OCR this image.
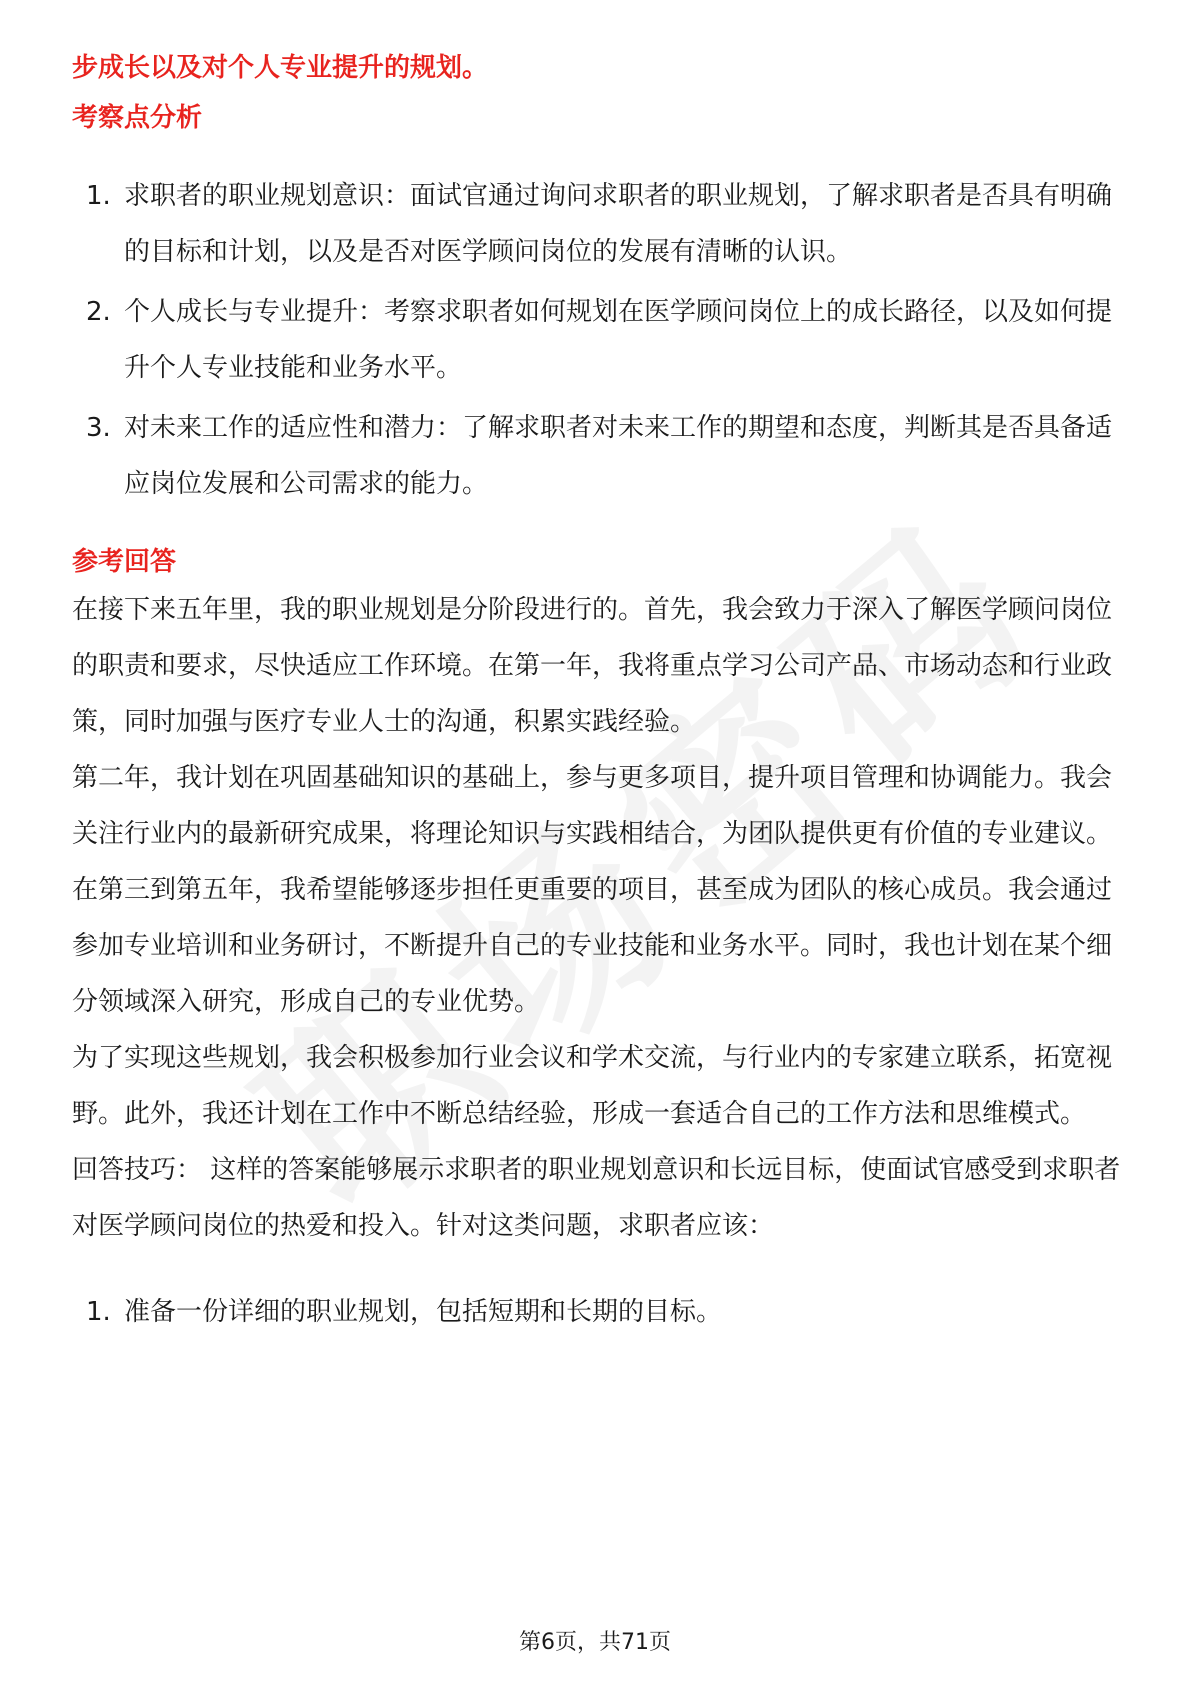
步成长以及对个人专业提升的规划。

考察点分析
1. 求职者的职业规划意识：面试官通过询问求职者的职业规划，了解求职者是否具有明确的目标和计划，以及是否对医学顾问岗位的发展有清晰的认识。
2. 个人成长与专业提升：考察求职者如何规划在医学顾问岗位上的成长路径，以及如何提升个人专业技能和业务水平。
3. 对未来工作的适应性和潜力：了解求职者对未来工作的期望和态度，判断其是否具备适应岗位发展和公司需求的能力。
参考回答

在接下来五年里，我的职业规划是分阶段进行的。首先，我会致力于深入了解医学顾问岗位的职责和要求，尽快适应工作环境。在第一年，我将重点学习公司产品、市场动态和行业政策，同时加强与医疗专业人士的沟通，积累实践经验。

第二年，我计划在巩固基础知识的基础上，参与更多项目，提升项目管理和协调能力。我会关注行业内的最新研究成果，将理论知识与实践相结合，为团队提供更有价值的专业建议。

在第三到第五年，我希望能够逐步担任更重要的项目，甚至成为团队的核心成员。我会通过参加专业培训和业务研讨，不断提升自己的专业技能和业务水平。同时，我也计划在某个细分领域深入研究，形成自己的专业优势。

为了实现这些规划，我会积极参加行业会议和学术交流，与行业内的专家建立联系，拓宽视野。此外，我还计划在工作中不断总结经验，形成一套适合自己的工作方法和思维模式。

回答技巧： 这样的答案能够展示求职者的职业规划意识和长远目标，使面试官感受到求职者对医学顾问岗位的热爱和投入。针对这类问题，求职者应该：

1. 准备一份详细的职业规划，包括短期和长期的目标。
第6页，共71页
